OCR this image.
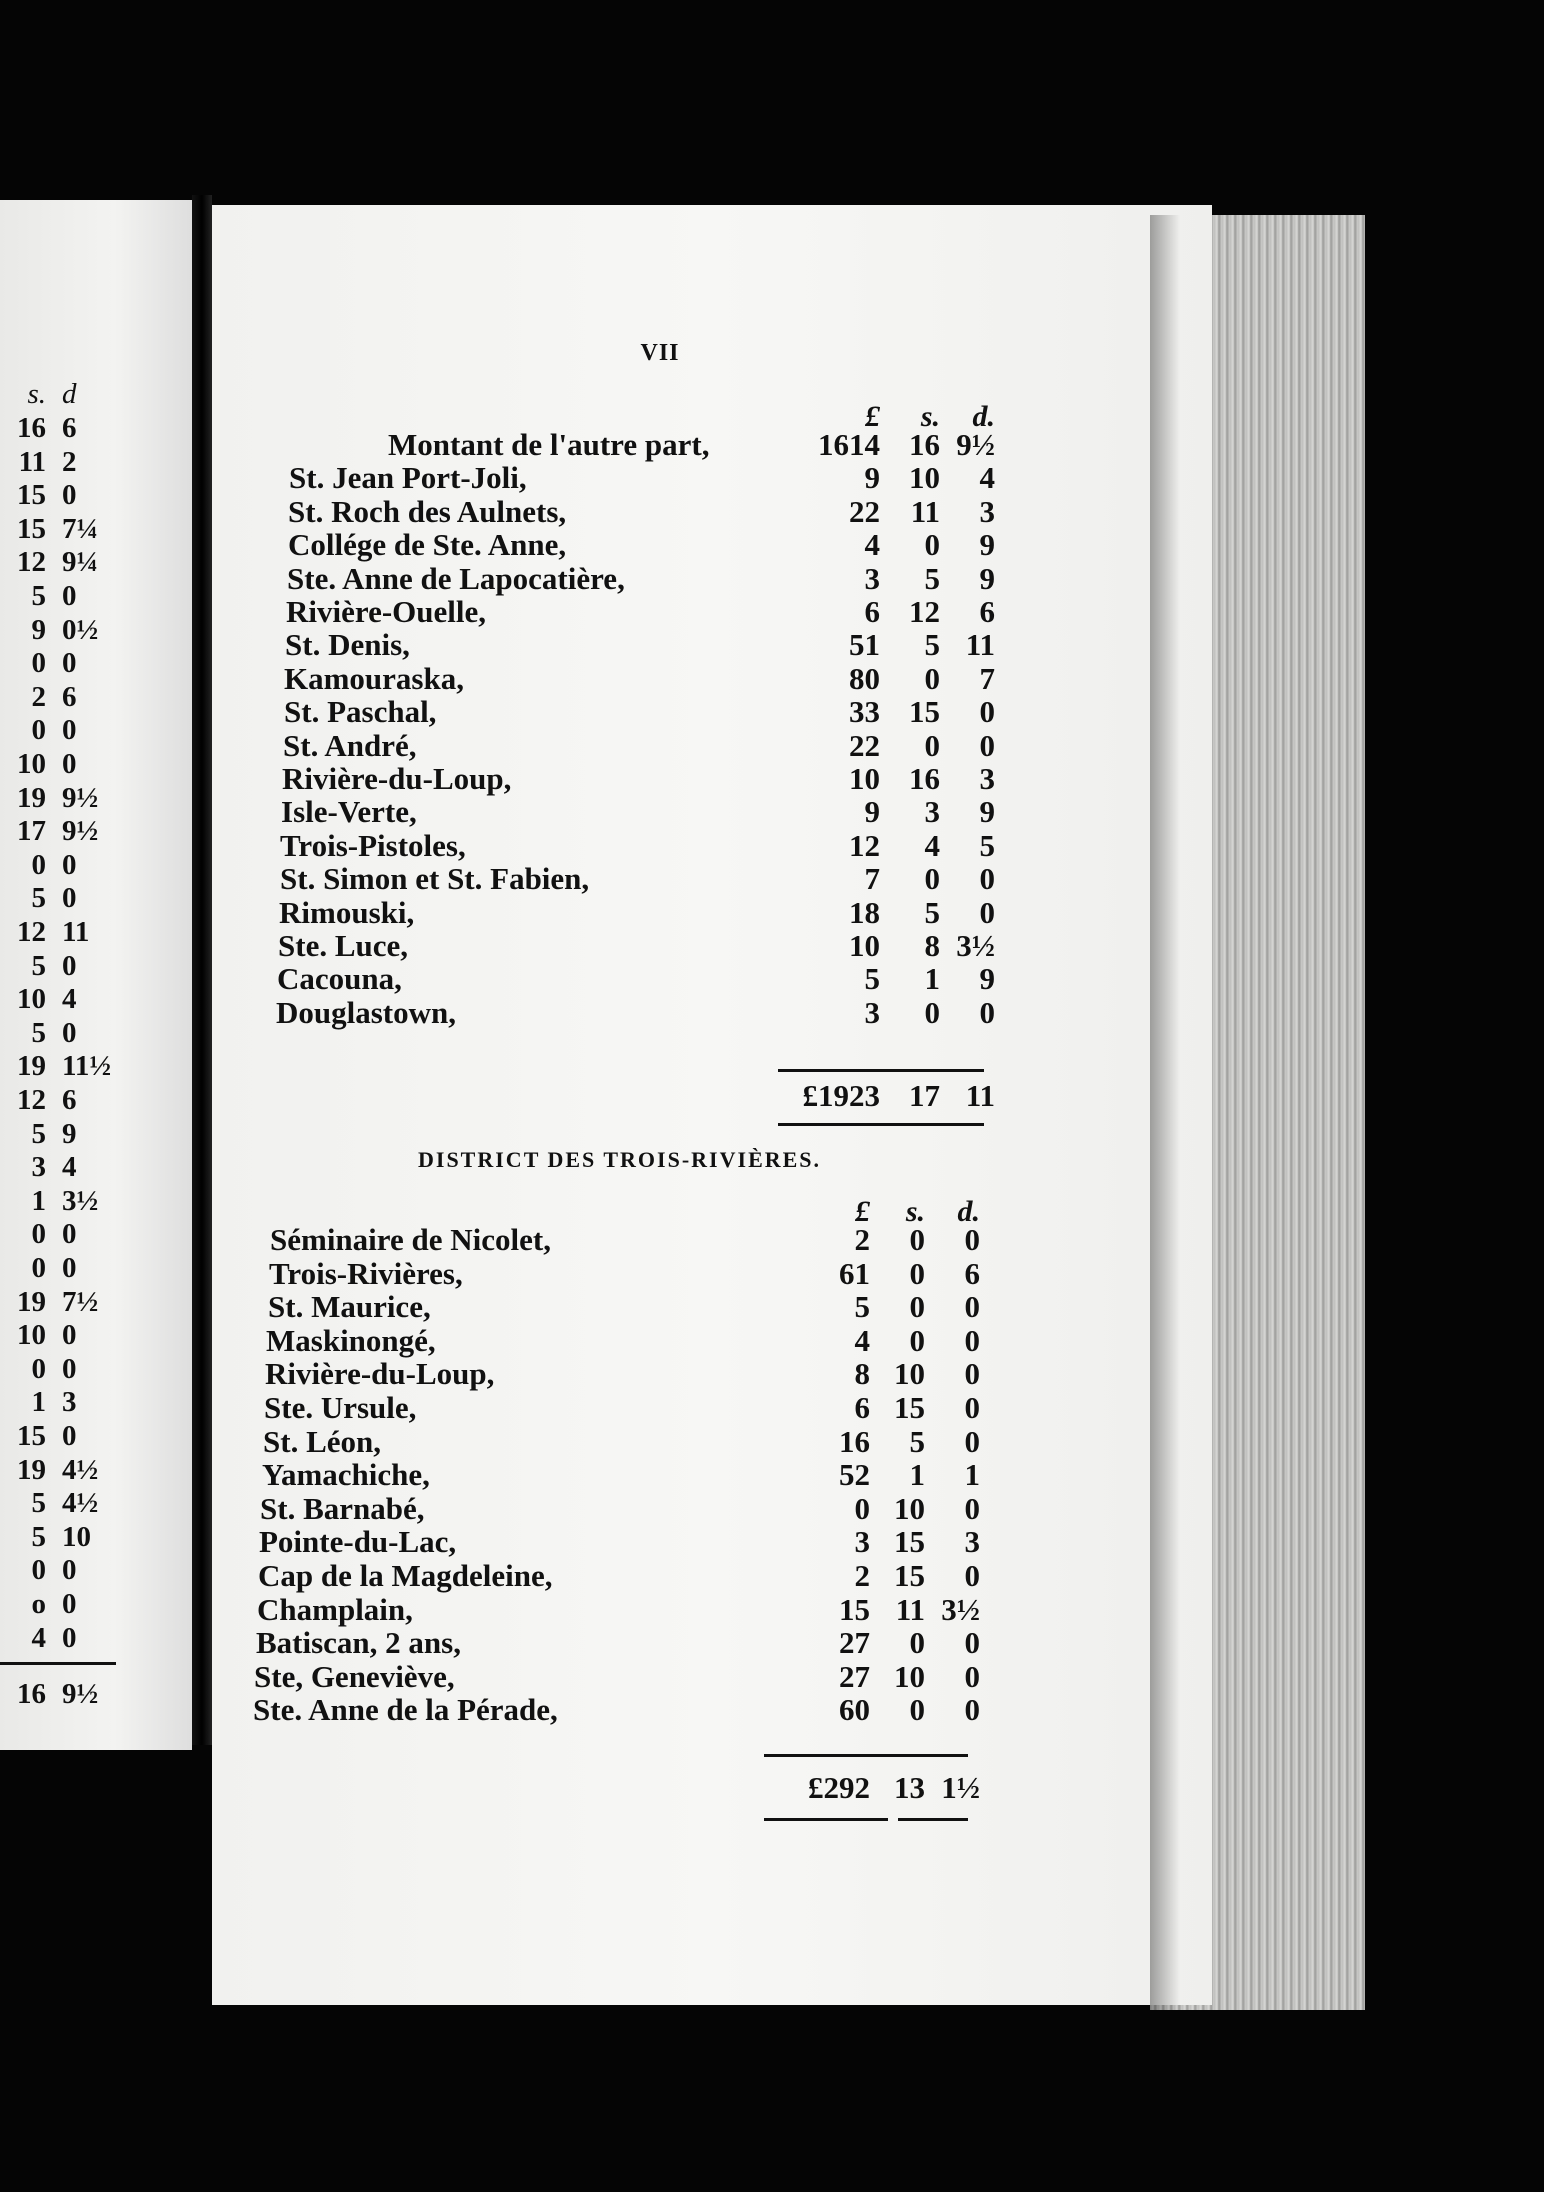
s. d
16 6
11 2
15 0
15 7¼
12 9¼
5 0
9 0½
0 0
2 6
0 0
10 0
19 9½
17 9½
0 0
5 0
12 11
5 0
10 4
5 0
19 11½
12 6
5 9
3 4
1 3½
0 0
0 0
19 7½
10 0
0 0
1 3
15 0
19 4½
5 4½
5 10
0 0
o 0
4 0
16 9½
VII
£	s.	d.
Montant de l'autre part,	1614 16 9½
St. Jean Port-Joli,	9 10	4
St. Roch des Aulnets,	22 11	3
Collége de Ste. Anne,	4	0	9
Ste. Anne de Lapocatière,	3	5	9
Rivière-Ouelle,	6 12	6
St. Denis,	51	5 11
Kamouraska,	80	0	7
St. Paschal,	33 15	0
St. André,	22	0	0
Rivière-du-Loup,	10 16	3
Isle-Verte,	9	3	9
Trois-Pistoles,	12	4	5
St. Simon et St. Fabien,	7	0	0
Rimouski,	18	5	0
Ste. Luce,	10	8 3½
Cacouna,	5	1	9
Douglastown,	3	0	0
£1923 17 11
DISTRICT DES TROIS-RIVIÈRES.
£	s.	d.
Séminaire de Nicolet,	2	0	0
Trois-Rivières,	61	0	6
St. Maurice,	5	0	0
Maskinongé,	4	0	0
Rivière-du-Loup,	8 10	0
Ste. Ursule,	6 15	0
St. Léon,	16	5	0
Yamachiche,	52	1	1
St. Barnabé,	0 10	0
Pointe-du-Lac,	3 15	3
Cap de la Magdeleine,	2 15	0
Champlain,	15 11 3½
Batiscan, 2 ans,	27	0	0
Ste, Geneviève,	27 10	0
Ste. Anne de la Pérade,	60	0	0
£292 13 1½
